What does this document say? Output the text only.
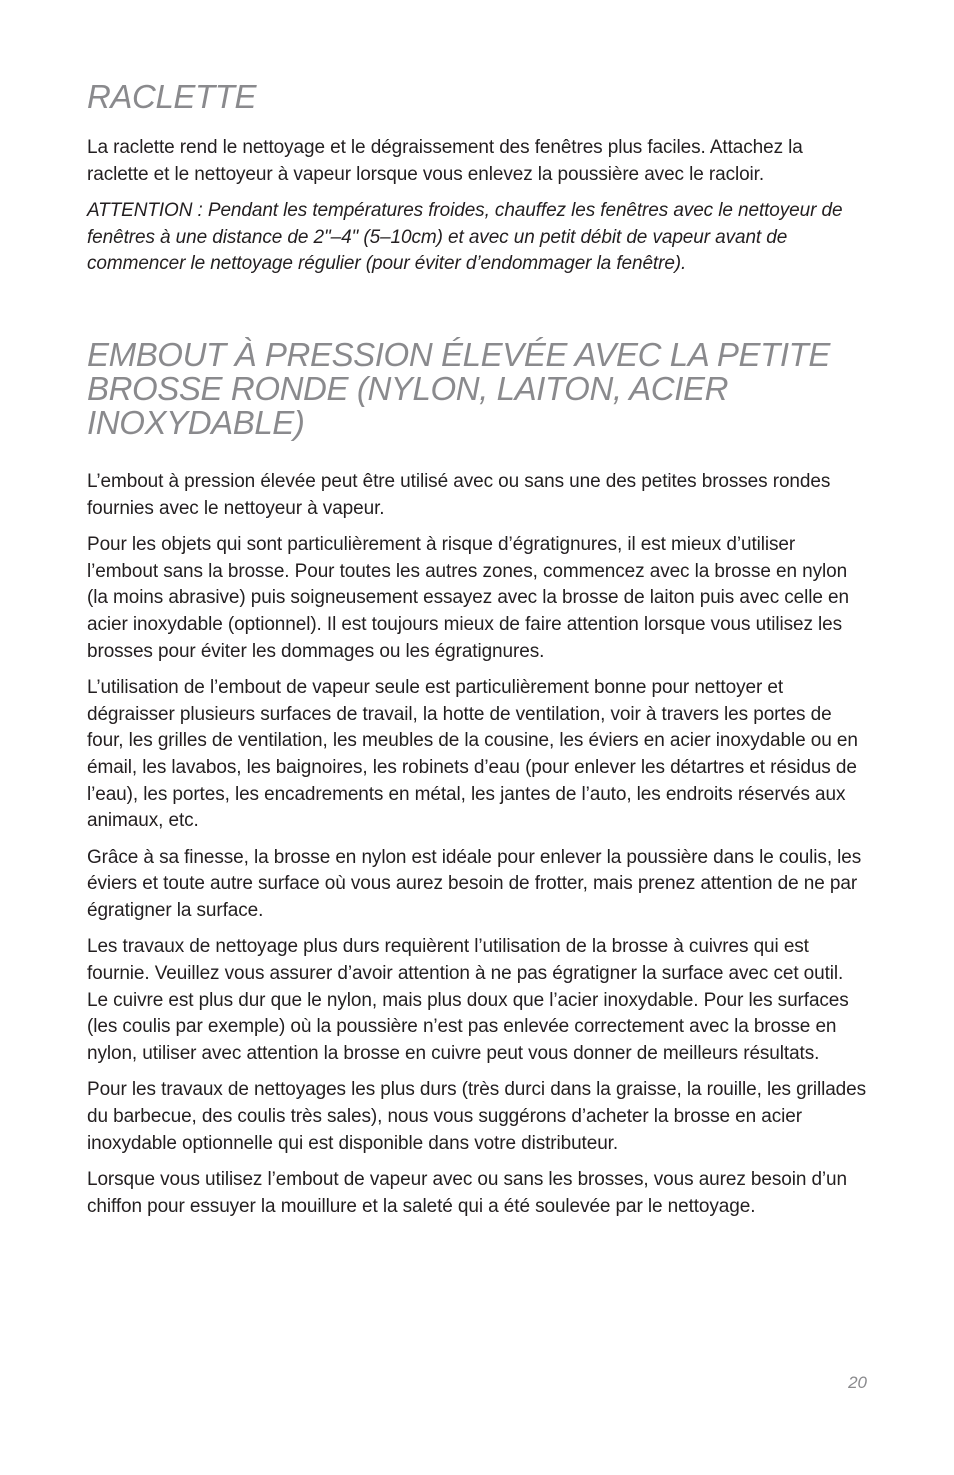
RACLETTE

La raclette rend le nettoyage et le dégraissement des fenêtres plus faciles. Attachez la raclette et le nettoyeur à vapeur lorsque vous enlevez la poussière avec le racloir.

ATTENTION : Pendant les températures froides, chauffez les fenêtres avec le nettoyeur de fenêtres à une distance de 2"–4" (5–10cm) et avec un petit débit de vapeur avant de commencer le nettoyage régulier (pour éviter d’endommager la fenêtre).

EMBOUT À PRESSION ÉLEVÉE AVEC LA PETITE BROSSE RONDE (NYLON, LAITON, ACIER INOXYDABLE)

L’embout à pression élevée peut être utilisé avec ou sans une des petites brosses rondes fournies avec le nettoyeur à vapeur.

Pour les objets qui sont particulièrement à risque d’égratignures, il est mieux d’utiliser l’embout sans la brosse. Pour toutes les autres zones, commencez avec la brosse en nylon (la moins abrasive) puis soigneusement essayez avec la brosse de laiton puis avec celle en acier inoxydable (optionnel). Il est toujours mieux de faire attention lorsque vous utilisez les brosses pour éviter les dommages ou les égratignures.

L’utilisation de l’embout de vapeur seule est particulièrement bonne pour nettoyer et dégraisser plusieurs surfaces de travail, la hotte de ventilation, voir à travers les portes de four, les grilles de ventilation, les meubles de la cousine, les éviers en acier inoxydable ou en émail, les lavabos, les baignoires, les robinets d’eau (pour enlever les détartres et résidus de l’eau), les portes, les encadrements en métal, les jantes de l’auto, les endroits réservés aux animaux, etc.

Grâce à sa finesse, la brosse en nylon est idéale pour enlever la poussière dans le coulis, les éviers et toute autre surface où vous aurez besoin de frotter, mais prenez attention de ne par égratigner la surface.

Les travaux de nettoyage plus durs requièrent l’utilisation de la brosse à cuivres qui est fournie. Veuillez vous assurer d’avoir attention à ne pas égratigner la surface avec cet outil. Le cuivre est plus dur que le nylon, mais plus doux que l’acier inoxydable. Pour les surfaces (les coulis par exemple) où la poussière n’est pas enlevée correctement avec la brosse en nylon, utiliser avec attention la brosse en cuivre peut vous donner de meilleurs résultats.

Pour les travaux de nettoyages les plus durs (très durci dans la graisse, la rouille, les grillades du barbecue, des coulis très sales), nous vous suggérons d’acheter la brosse en acier inoxydable optionnelle qui est disponible dans votre distributeur.

Lorsque vous utilisez l’embout de vapeur avec ou sans les brosses, vous aurez besoin d’un chiffon pour essuyer la mouillure et la saleté qui a été soulevée par le nettoyage.

20
